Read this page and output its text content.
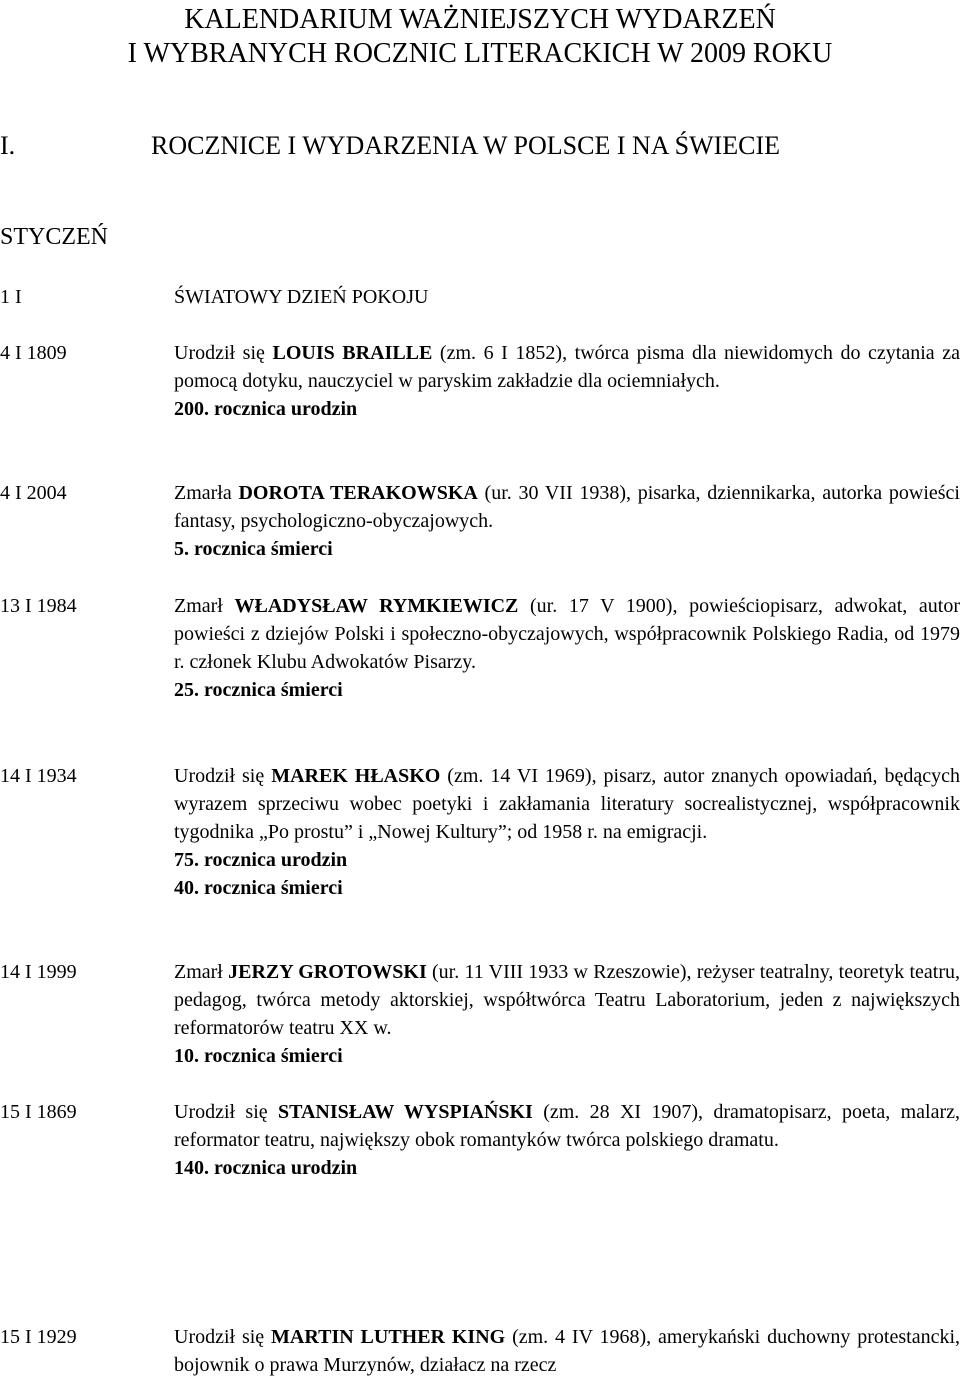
KALENDARIUM WAŻNIEJSZYCH WYDARZEŃ
I WYBRANYCH ROCZNIC LITERACKICH W 2009 ROKU
I.	ROCZNICE I WYDARZENIA W POLSCE I NA ŚWIECIE
STYCZEŃ
1 I	ŚWIATOWY DZIEŃ POKOJU
4 I 1809	Urodził się LOUIS BRAILLE (zm. 6 I 1852), twórca pisma dla niewidomych do czytania za pomocą dotyku, nauczyciel w paryskim zakładzie dla ociemniałych.
200. rocznica urodzin
4 I 2004	Zmarła DOROTA TERAKOWSKA (ur. 30 VII 1938), pisarka, dziennikarka, autorka powieści fantasy, psychologiczno-obyczajowych.
5. rocznica śmierci
13 I 1984	Zmarł WŁADYSŁAW RYMKIEWICZ (ur. 17 V 1900), powieściopisarz, adwokat, autor powieści z dziejów Polski i społeczno-obyczajowych, współpracownik Polskiego Radia, od 1979 r. członek Klubu Adwokatów Pisarzy.
25. rocznica śmierci
14 I 1934	Urodził się MAREK HŁASKO (zm. 14 VI 1969), pisarz, autor znanych opowiadań, będących wyrazem sprzeciwu wobec poetyki i zakłamania literatury socrealistycznej, współpracownik tygodnika „Po prostu” i „Nowej Kultury”; od 1958 r. na emigracji.
75. rocznica urodzin
40. rocznica śmierci
14 I 1999	Zmarł JERZY GROTOWSKI (ur. 11 VIII 1933 w Rzeszowie), reżyser teatralny, teoretyk teatru, pedagog, twórca metody aktorskiej, współtwórca Teatru Laboratorium, jeden z największych reformatorów teatru XX w.
10. rocznica śmierci
15 I 1869	Urodził się STANISŁAW WYSPIAŃSKI (zm. 28 XI 1907), dramatopisarz, poeta, malarz, reformator teatru, największy obok romantyków twórca polskiego dramatu.
140. rocznica urodzin
15 I 1929	Urodził się MARTIN LUTHER KING (zm. 4 IV 1968), amerykański duchowny protestancki, bojownik o prawa Murzynów, działacz na rzecz
